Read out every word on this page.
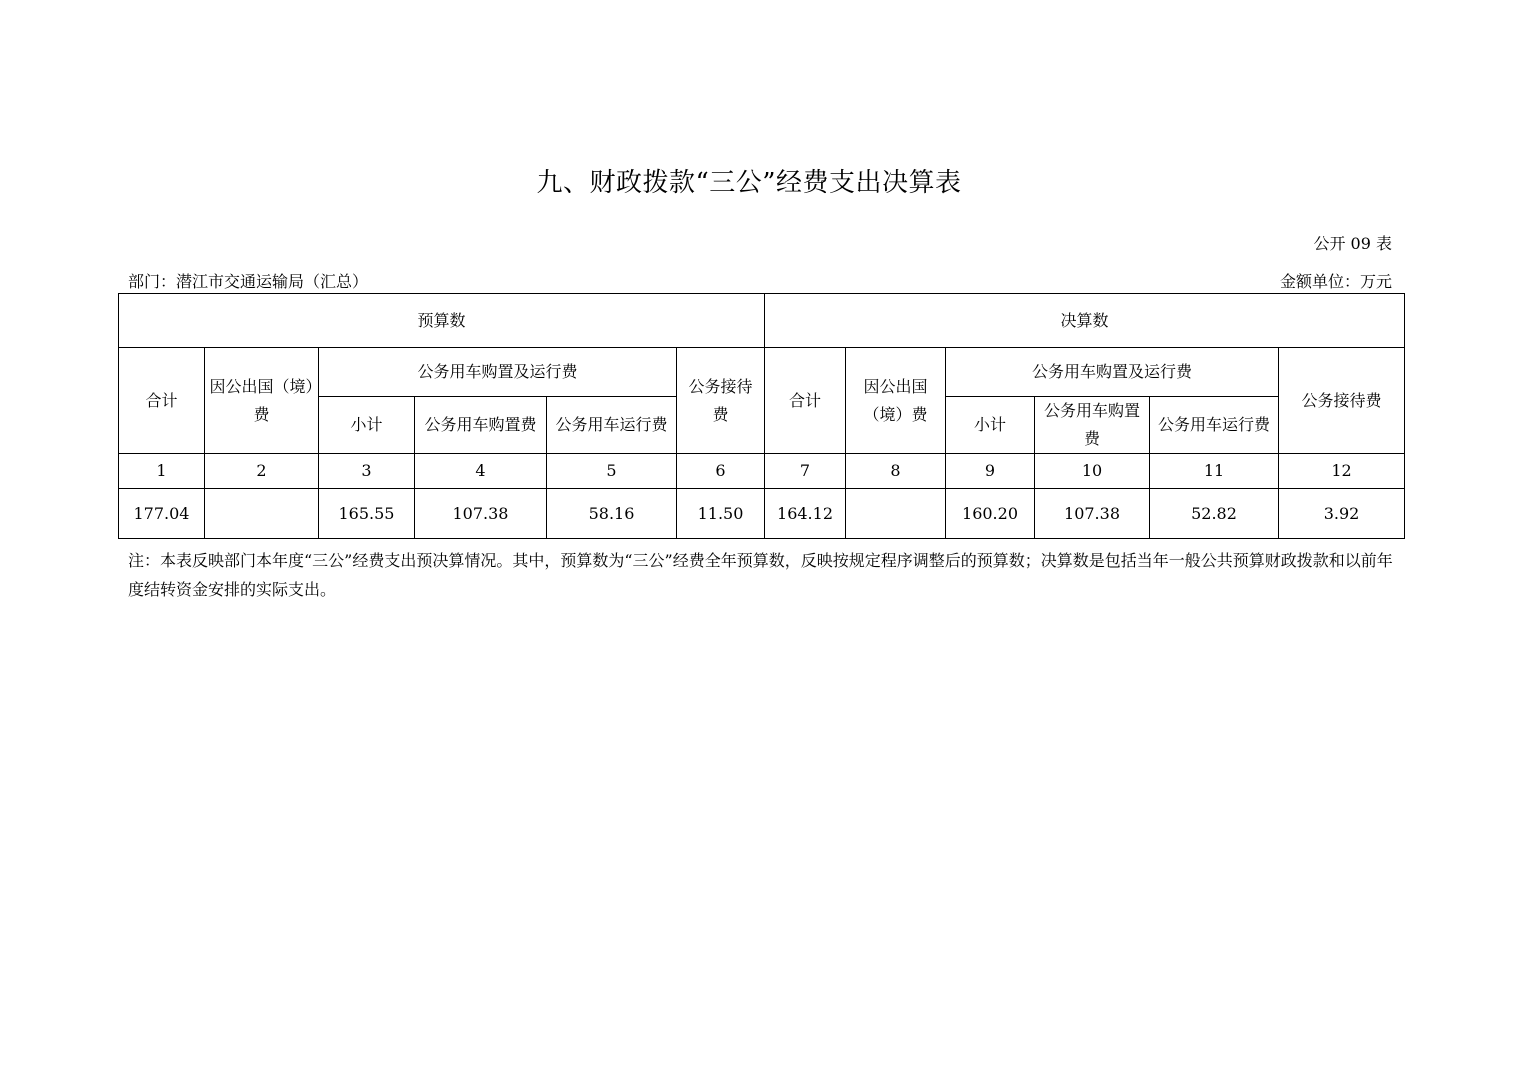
九、财政拨款“三公”经费支出决算表
公开 09 表
部门：潜江市交通运输局（汇总）	金额单位：万元
预算数						决算数					
合计	因公出国（境）费	公务用车购置及运行费			公务接待费	合计	因公出国（境）费	公务用车购置及运行费			公务接待费
		小计	公务用车购置费	公务用车运行费				小计	公务用车购置费	公务用车运行费	
1	2	3	4	5	6	7	8	9	10	11	12
177.04		165.55	107.38	58.16	11.50	164.12		160.20	107.38	52.82	3.92
注：本表反映部门本年度“三公”经费支出预决算情况。其中，预算数为“三公”经费全年预算数，反映按规定程序调整后的预算数；决算数是包括当年一般公共预算财政拨款和以前年度结转资金安排的实际支出。
